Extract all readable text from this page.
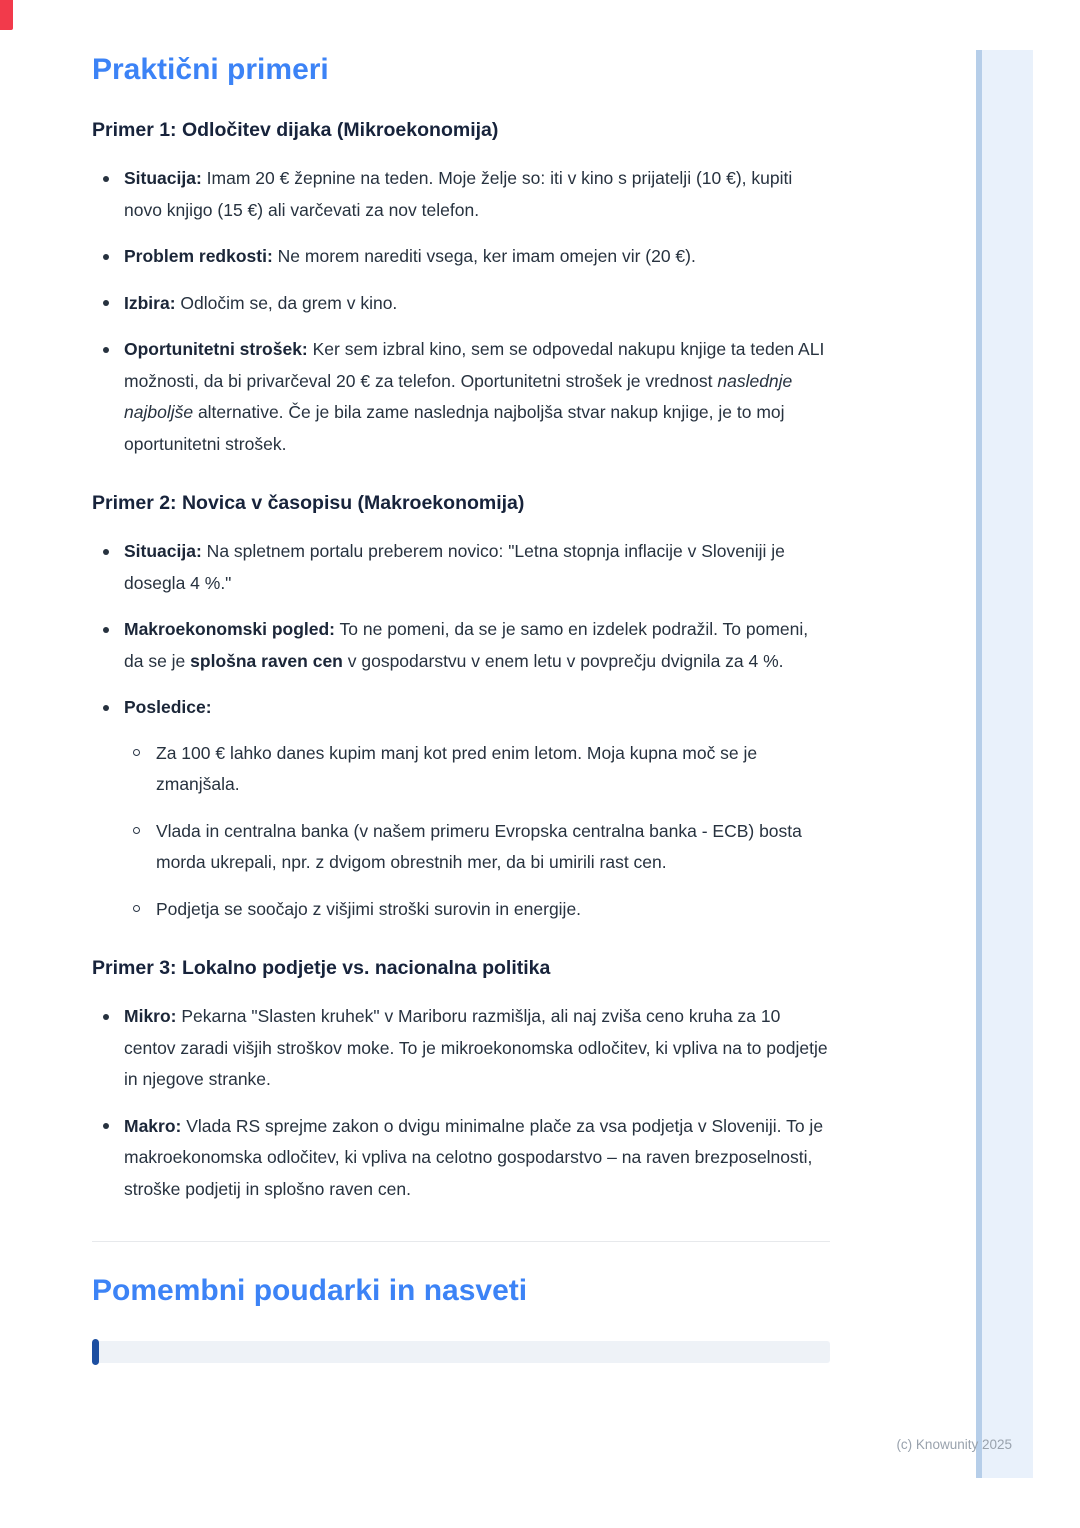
(c) Knowunity 2025
Praktični primeri
Primer 1: Odločitev dijaka (Mikroekonomija)
Situacija: Imam 20 € žepnine na teden. Moje želje so: iti v kino s prijatelji (10 €), kupiti novo knjigo (15 €) ali varčevati za nov telefon.
Problem redkosti: Ne morem narediti vsega, ker imam omejen vir (20 €).
Izbira: Odločim se, da grem v kino.
Oportunitetni strošek: Ker sem izbral kino, sem se odpovedal nakupu knjige ta teden ALI možnosti, da bi privarčeval 20 € za telefon. Oportunitetni strošek je vrednost naslednje najboljše alternative. Če je bila zame naslednja najboljša stvar nakup knjige, je to moj oportunitetni strošek.
Primer 2: Novica v časopisu (Makroekonomija)
Situacija: Na spletnem portalu preberem novico: "Letna stopnja inflacije v Sloveniji je dosegla 4 %."
Makroekonomski pogled: To ne pomeni, da se je samo en izdelek podražil. To pomeni, da se je splošna raven cen v gospodarstvu v enem letu v povprečju dvignila za 4 %.
Posledice:
Za 100 € lahko danes kupim manj kot pred enim letom. Moja kupna moč se je zmanjšala.
Vlada in centralna banka (v našem primeru Evropska centralna banka - ECB) bosta morda ukrepali, npr. z dvigom obrestnih mer, da bi umirili rast cen.
Podjetja se soočajo z višjimi stroški surovin in energije.
Primer 3: Lokalno podjetje vs. nacionalna politika
Mikro: Pekarna "Slasten kruhek" v Mariboru razmišlja, ali naj zviša ceno kruha za 10 centov zaradi višjih stroškov moke. To je mikroekonomska odločitev, ki vpliva na to podjetje in njegove stranke.
Makro: Vlada RS sprejme zakon o dvigu minimalne plače za vsa podjetja v Sloveniji. To je makroekonomska odločitev, ki vpliva na celotno gospodarstvo – na raven brezposelnosti, stroške podjetij in splošno raven cen.
Pomembni poudarki in nasveti
